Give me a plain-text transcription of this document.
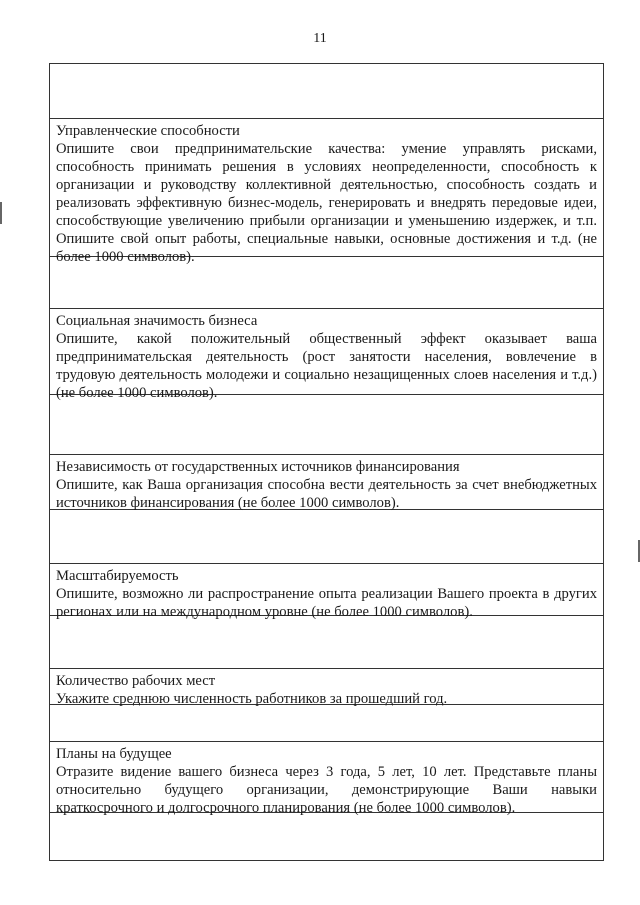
11
Управленческие способности
Опишите свои предпринимательские качества: умение управлять рисками, способность принимать решения в условиях неопределенности, способность к организации и руководству коллективной деятельностью, способность создать и реализовать эффективную бизнес-модель, генерировать и внедрять передовые идеи, способствующие увеличению прибыли организации и уменьшению издержек, и т.п. Опишите свой опыт работы, специальные навыки, основные достижения и т.д. (не более 1000 символов).
Социальная значимость бизнеса
Опишите, какой положительный общественный эффект оказывает ваша предпринимательская деятельность (рост занятости населения, вовлечение в трудовую деятельность молодежи и социально незащищенных слоев населения и т.д.) (не более 1000 символов).
Независимость от государственных источников финансирования
Опишите, как Ваша организация способна вести деятельность за счет внебюджетных источников финансирования (не более 1000 символов).
Масштабируемость
Опишите, возможно ли распространение опыта реализации Вашего проекта в других регионах или на международном уровне (не более 1000 символов).
Количество рабочих мест
Укажите среднюю численность работников за прошедший год.
Планы на будущее
Отразите видение вашего бизнеса через 3 года, 5 лет, 10 лет. Представьте планы относительно будущего организации, демонстрирующие Ваши навыки краткосрочного и долгосрочного планирования (не более 1000 символов).
